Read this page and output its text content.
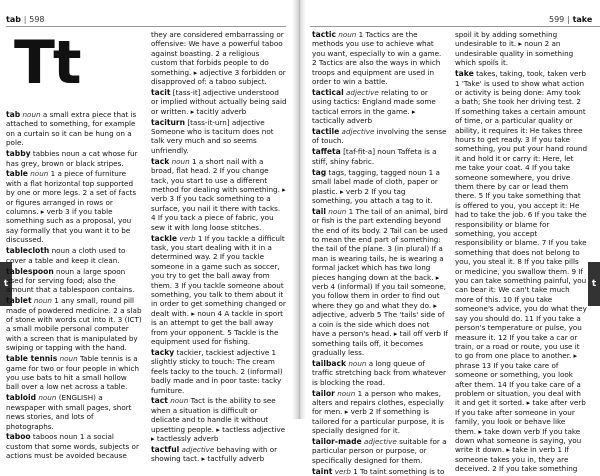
tab | 598	599 | take
Tt
t	t
tab noun a small extra piece that is attached to something, for example on a curtain so it can be hung on a pole.
tabby tabbies noun a cat whose fur has grey, brown or black stripes.
table noun 1 a piece of furniture with a flat horizontal top supported by one or more legs. 2 a set of facts or figures arranged in rows or columns. ▸ verb 3 if you table something such as a proposal, you say formally that you want it to be discussed.
tablecloth noun a cloth used to cover a table and keep it clean.
tablespoon noun a large spoon used for serving food; also the amount that a tablespoon contains.
tablet noun 1 any small, round pill made of powdered medicine. 2 a slab of stone with words cut into it. 3 (ICT) a small mobile personal computer with a screen that is manipulated by swiping or tapping with the hand.
table tennis noun Table tennis is a game for two or four people in which you use bats to hit a small hollow ball over a low net across a table.
tabloid noun (ENGLISH) a newspaper with small pages, short news stories, and lots of photographs.
taboo taboos noun 1 a social custom that some words, subjects or actions must be avoided because
they are considered embarrassing or offensive: We have a powerful taboo against boasting. 2 a religious custom that forbids people to do something. ▸ adjective 3 forbidden or disapproved of: a taboo subject.
tacit [tass-it] adjective understood or implied without actually being said or written. ▸ tacitly adverb
taciturn [tass-it-urn] adjective Someone who is taciturn does not talk very much and so seems unfriendly.
tack noun 1 a short nail with a broad, flat head. 2 If you change tack, you start to use a different method for dealing with something. ▸ verb 3 If you tack something to a surface, you nail it there with tacks. 4 If you tack a piece of fabric, you sew it with long loose stitches.
tackle verb 1 If you tackle a difficult task, you start dealing with it in a determined way. 2 If you tackle someone in a game such as soccer, you try to get the ball away from them. 3 If you tackle someone about something, you talk to them about it in order to get something changed or dealt with. ▸ noun 4 A tackle in sport is an attempt to get the ball away from your opponent. 5 Tackle is the equipment used for fishing.
tacky tackier, tackiest adjective 1 slightly sticky to touch: The cream feels tacky to the touch. 2 (informal) badly made and in poor taste: tacky furniture.
tact noun Tact is the ability to see when a situation is difficult or delicate and to handle it without upsetting people. ▸ tactless adjective ▸ tactlessly adverb
tactful adjective behaving with or showing tact. ▸ tactfully adverb
tactic noun 1 Tactics are the methods you use to achieve what you want, especially to win a game. 2 Tactics are also the ways in which troops and equipment are used in order to win a battle.
tactical adjective relating to or using tactics: England made some tactical errors in the game. ▸ tactically adverb
tactile adjective involving the sense of touch.
taffeta [taf-fit-a] noun Taffeta is a stiff, shiny fabric.
tag tags, tagging, tagged noun 1 a small label made of cloth, paper or plastic. ▸ verb 2 If you tag something, you attach a tag to it.
tail noun 1 The tail of an animal, bird or fish is the part extending beyond the end of its body. 2 Tail can be used to mean the end part of something: the tail of the plane. 3 (in plural) If a man is wearing tails, he is wearing a formal jacket which has two long pieces hanging down at the back. ▸ verb 4 (informal) If you tail someone, you follow them in order to find out where they go and what they do. ▸ adjective, adverb 5 The 'tails' side of a coin is the side which does not have a person's head. ▸ tail off verb If something tails off, it becomes gradually less.
tailback noun a long queue of traffic stretching back from whatever is blocking the road.
tailor noun 1 a person who makes, alters and repairs clothes, especially for men. ▸ verb 2 If something is tailored for a particular purpose, it is specially designed for it.
tailor-made adjective suitable for a particular person or purpose, or specifically designed for them.
taint verb 1 To taint something is to
spoil it by adding something undesirable to it. ▸ noun 2 an undesirable quality in something which spoils it.
take takes, taking, took, taken verb 1 'Take' is used to show what action or activity is being done: Amy took a bath; She took her driving test. 2 If something takes a certain amount of time, or a particular quality or ability, it requires it: He takes three hours to get ready. 3 If you take something, you put your hand round it and hold it or carry it: Here, let me take your coat. 4 If you take someone somewhere, you drive them there by car or lead them there. 5 If you take something that is offered to you, you accept it: He had to take the job. 6 If you take the responsibility or blame for something, you accept responsibility or blame. 7 If you take something that does not belong to you, you steal it. 8 If you take pills or medicine, you swallow them. 9 If you can take something painful, you can bear it: We can't take much more of this. 10 If you take someone's advice, you do what they say you should do. 11 If you take a person's temperature or pulse, you measure it. 12 If you take a car or train, or a road or route, you use it to go from one place to another. ▸ phrase 13 If you take care of someone or something, you look after them. 14 If you take care of a problem or situation, you deal with it and get it sorted. ▸ take after verb If you take after someone in your family, you look or behave like them. ▸ take down verb If you take down what someone is saying, you write it down. ▸ take in verb 1 If someone takes you in, they are deceived. 2 If you take something
